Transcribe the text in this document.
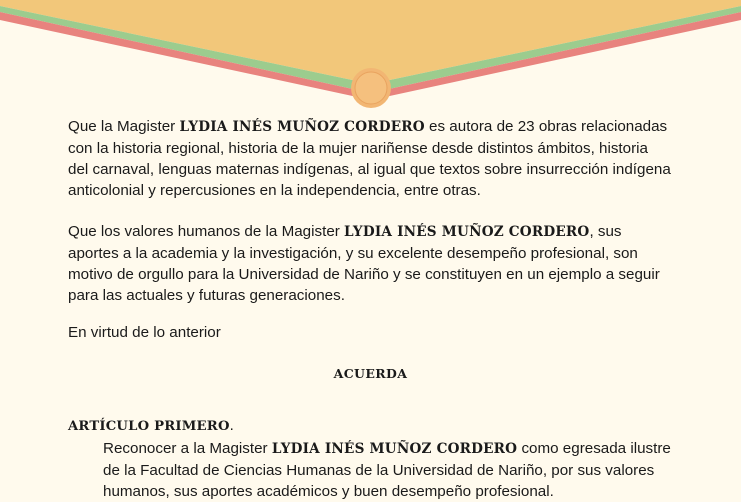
Que la Magister LYDIA INÉS MUÑOZ CORDERO es autora de 23 obras relacionadas con la historia regional, historia de la mujer nariñense desde distintos ámbitos, historia del carnaval, lenguas maternas indígenas, al igual que textos sobre insurrección indígena anticolonial y repercusiones en la independencia, entre otras.

Que los valores humanos de la Magister LYDIA INÉS MUÑOZ CORDERO, sus aportes a la academia y la investigación, y su excelente desempeño profesional, son motivo de orgullo para la Universidad de Nariño y se constituyen en un ejemplo a seguir para las actuales y futuras generaciones.

En virtud de lo anterior

ACUERDA

ARTÍCULO PRIMERO.

Reconocer a la Magister LYDIA INÉS MUÑOZ CORDERO como egresada ilustre de la Facultad de Ciencias Humanas de la Universidad de Nariño, por sus valores humanos, sus aportes académicos y buen desempeño profesional.
